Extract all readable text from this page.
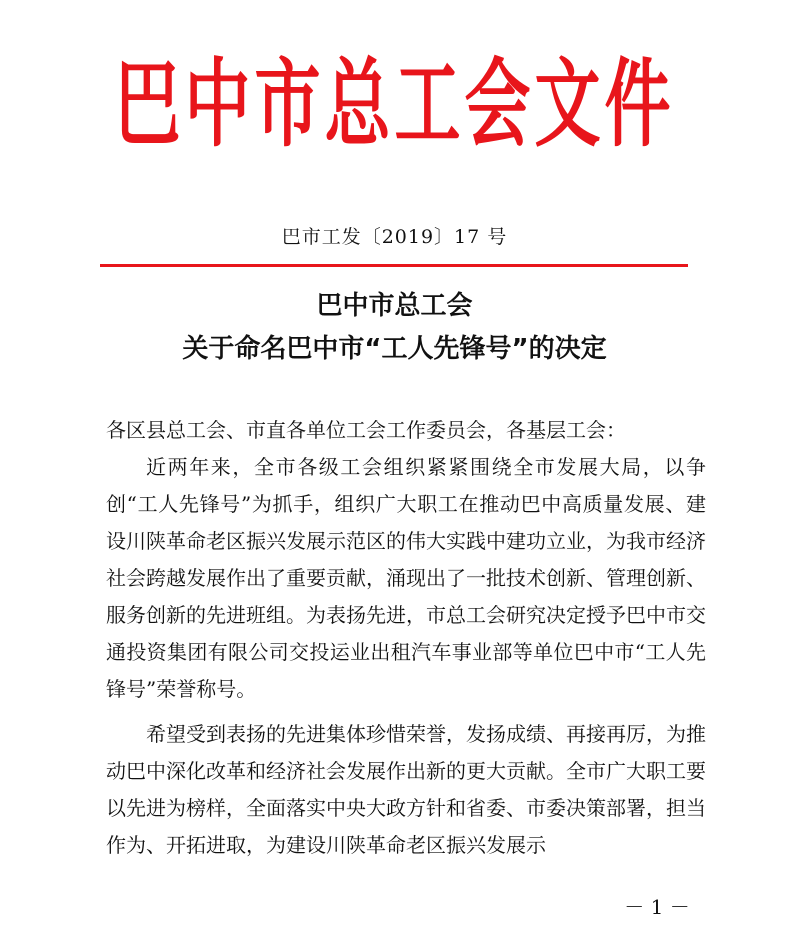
巴中市总工会文件
巴市工发〔2019〕17 号
巴中市总工会
关于命名巴中市“工人先锋号”的决定

各区县总工会、市直各单位工会工作委员会，各基层工会：

近两年来，全市各级工会组织紧紧围绕全市发展大局，以争创“工人先锋号”为抓手，组织广大职工在推动巴中高质量发展、建设川陕革命老区振兴发展示范区的伟大实践中建功立业，为我市经济社会跨越发展作出了重要贡献，涌现出了一批技术创新、管理创新、服务创新的先进班组。为表扬先进，市总工会研究决定授予巴中市交通投资集团有限公司交投运业出租汽车事业部等单位巴中市“工人先锋号”荣誉称号。

希望受到表扬的先进集体珍惜荣誉，发扬成绩、再接再厉，为推动巴中深化改革和经济社会发展作出新的更大贡献。全市广大职工要以先进为榜样，全面落实中央大政方针和省委、市委决策部署，担当作为、开拓进取，为建设川陕革命老区振兴发展示

－ 1 －
